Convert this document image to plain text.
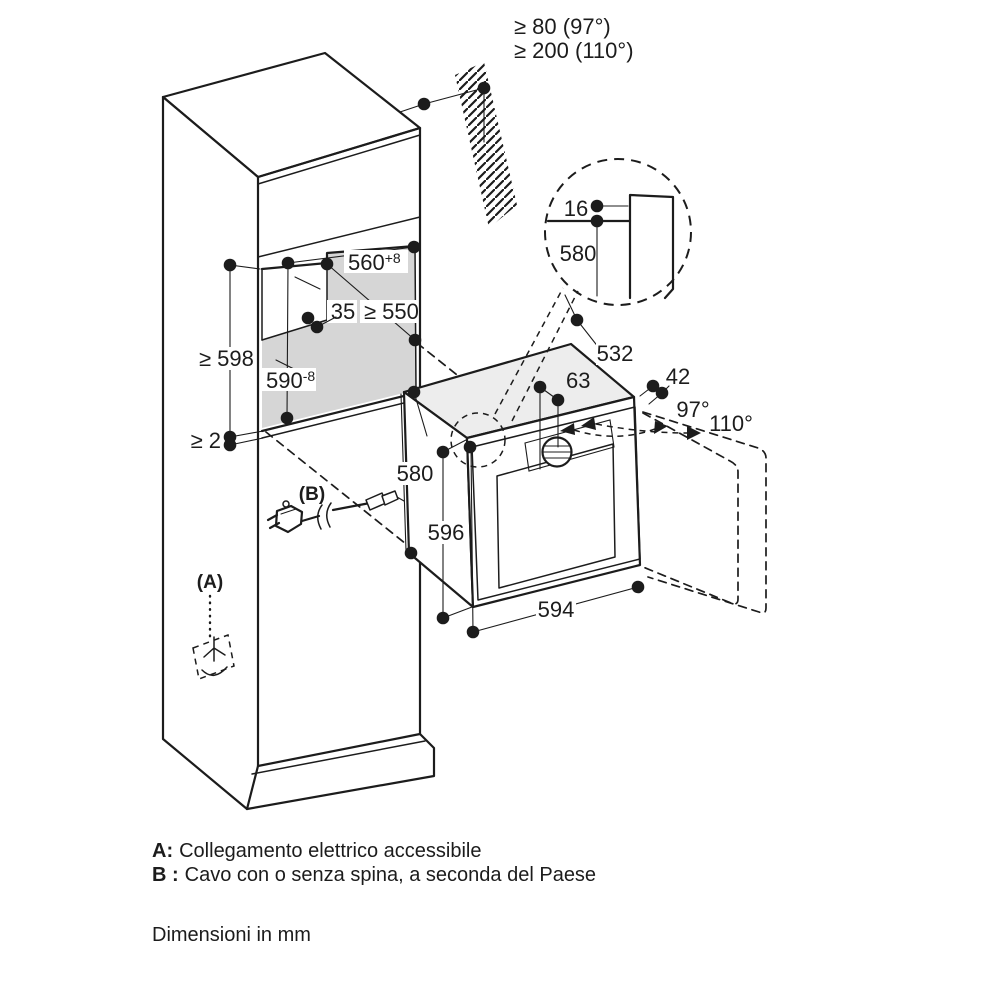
97°
110°
16
580
≥ 80 (97°)
≥ 200 (110°)
$560^{+8}$
35 ≥ 550
$590^{-8}$
≥ 598
≥ 2
532
42
63
580
596
594
(B)
(A)
A: Collegamento elettrico accessibile
B : Cavo con o senza spina, a seconda del Paese
Dimensioni in mm
